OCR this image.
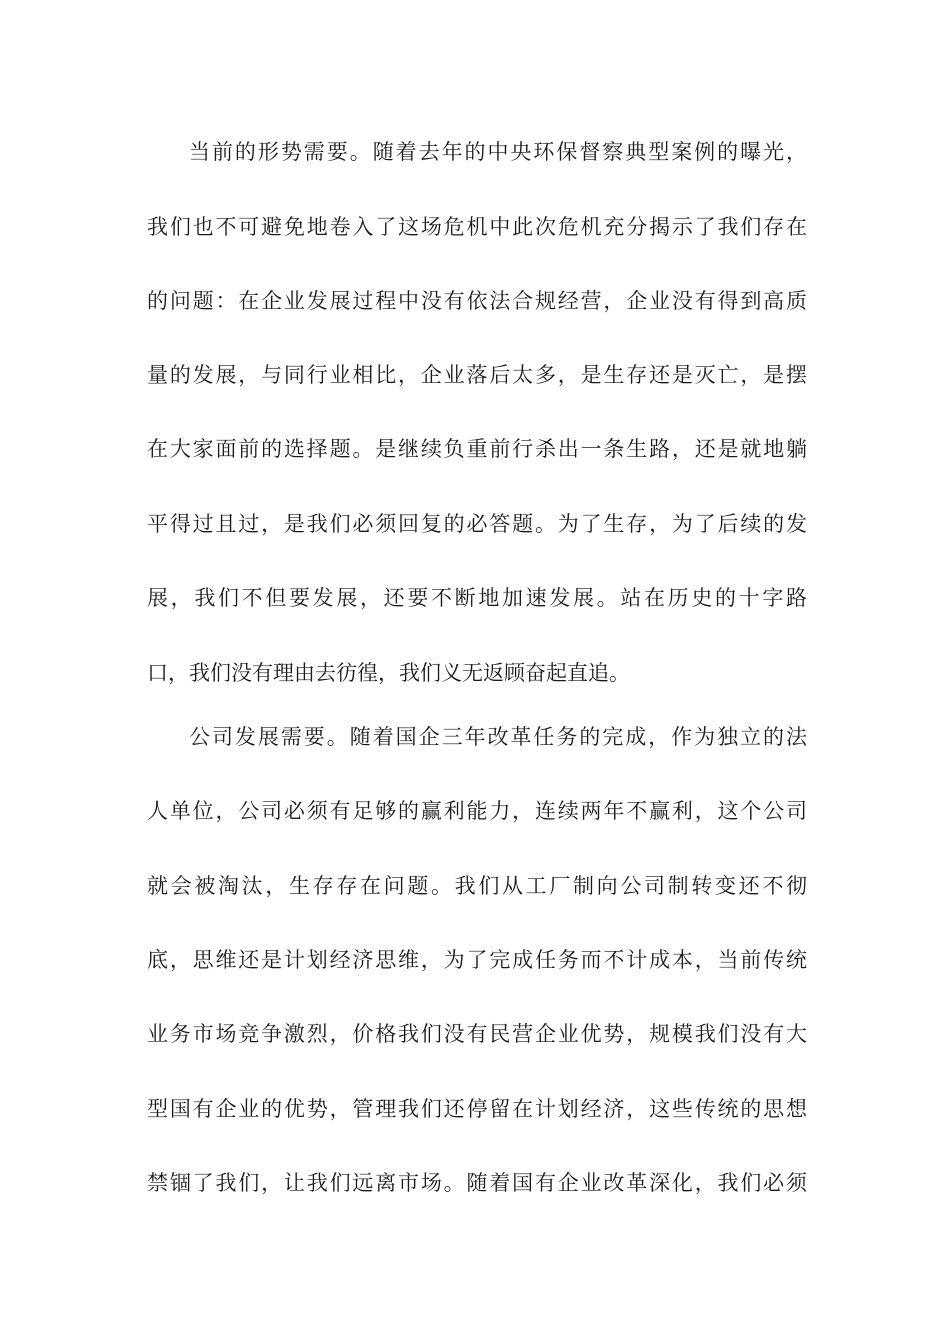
当前的形势需要。随着去年的中央环保督察典型案例的曝光，
我们也不可避免地卷入了这场危机中此次危机充分揭示了我们存在
的问题：在企业发展过程中没有依法合规经营，企业没有得到高质
量的发展，与同行业相比，企业落后太多，是生存还是灭亡，是摆
在大家面前的选择题。是继续负重前行杀出一条生路，还是就地躺
平得过且过，是我们必须回复的必答题。为了生存，为了后续的发
展，我们不但要发展，还要不断地加速发展。站在历史的十字路
口，我们没有理由去彷徨，我们义无返顾奋起直追。
公司发展需要。随着国企三年改革任务的完成，作为独立的法
人单位，公司必须有足够的赢利能力，连续两年不赢利，这个公司
就会被淘汰，生存存在问题。我们从工厂制向公司制转变还不彻
底，思维还是计划经济思维，为了完成任务而不计成本，当前传统
业务市场竞争激烈，价格我们没有民营企业优势，规模我们没有大
型国有企业的优势，管理我们还停留在计划经济，这些传统的思想
禁锢了我们，让我们远离市场。随着国有企业改革深化，我们必须
